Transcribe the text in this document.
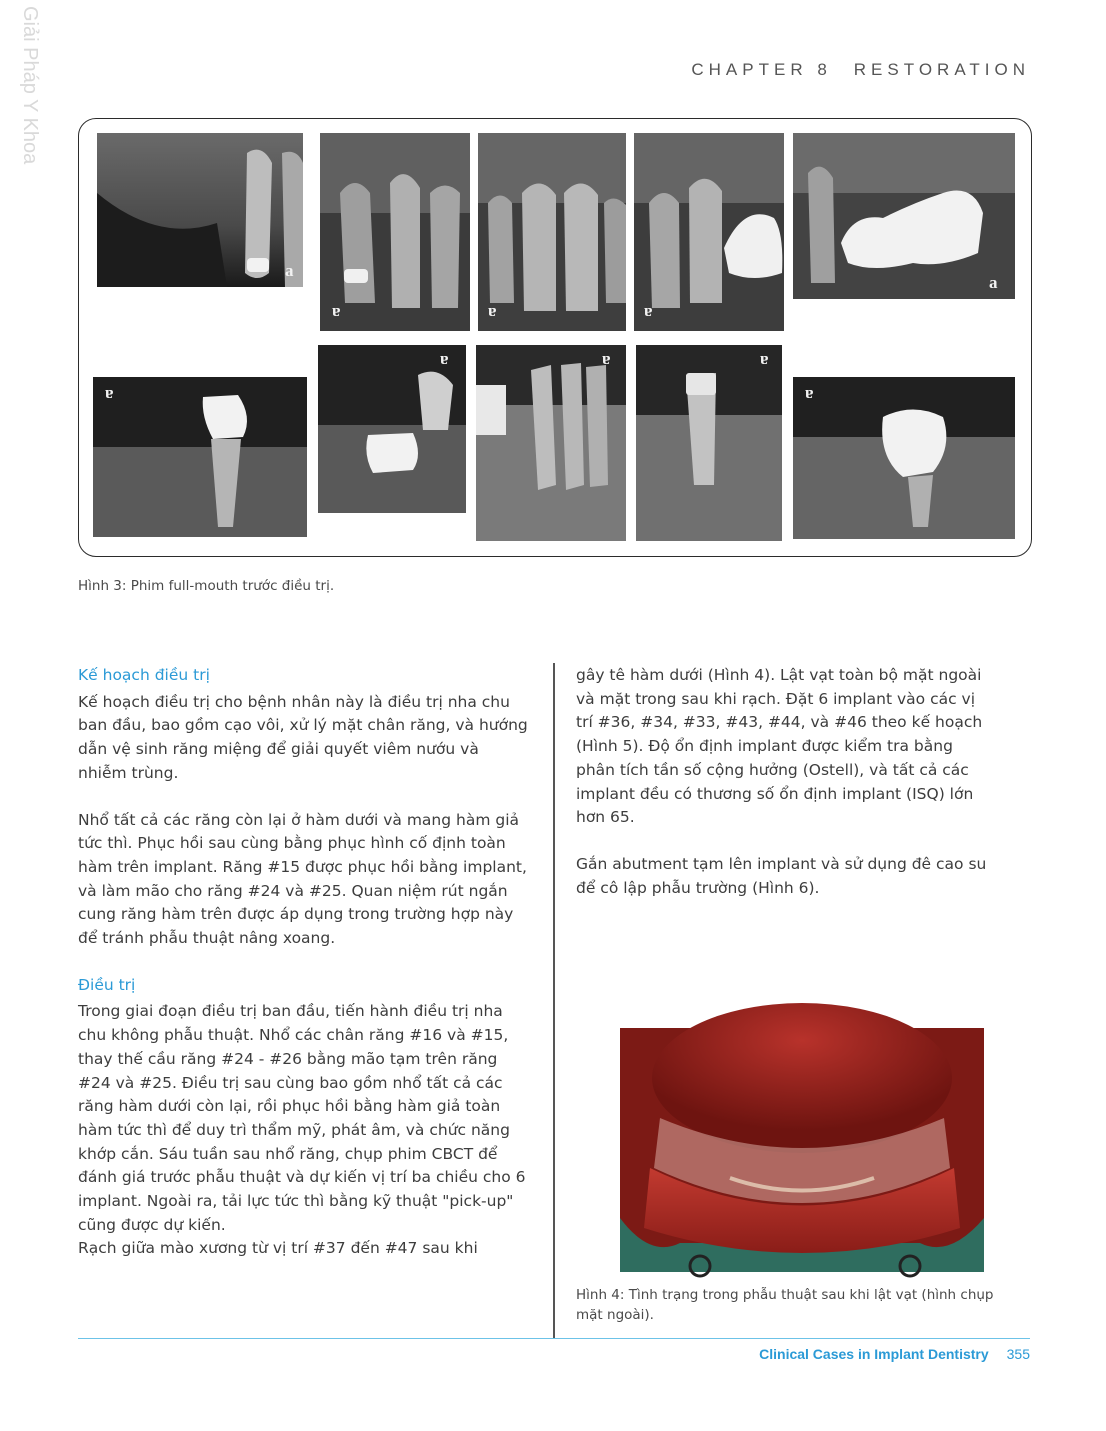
Giải Pháp Y Khoa	CHAPTER 8 RESTORATION
a
a	a	a
a
a
a	a	a
a
Hình 3: Phim full-mouth trước điều trị.

Kế hoạch điều trị

Kế hoạch điều trị cho bệnh nhân này là điều trị nha chu ban đầu, bao gồm cạo vôi, xử lý mặt chân răng, và hướng dẫn vệ sinh răng miệng để giải quyết viêm nướu và nhiễm trùng.

Nhổ tất cả các răng còn lại ở hàm dưới và mang hàm giả tức thì. Phục hồi sau cùng bằng phục hình cố định toàn hàm trên implant. Răng #15 được phục hồi bằng implant, và làm mão cho răng #24 và #25. Quan niệm rút ngắn cung răng hàm trên được áp dụng trong trường hợp này để tránh phẫu thuật nâng xoang.

Điều trị

Trong giai đoạn điều trị ban đầu, tiến hành điều trị nha chu không phẫu thuật. Nhổ các chân răng #16 và #15, thay thế cầu răng #24 - #26 bằng mão tạm trên răng #24 và #25. Điều trị sau cùng bao gồm nhổ tất cả các răng hàm dưới còn lại, rồi phục hồi bằng hàm giả toàn hàm tức thì để duy trì thẩm mỹ, phát âm, và chức năng khớp cắn. Sáu tuần sau nhổ răng, chụp phim CBCT để đánh giá trước phẫu thuật và dự kiến vị trí ba chiều cho 6 implant. Ngoài ra, tải lực tức thì bằng kỹ thuật "pick-up" cũng được dự kiến.

Rạch giữa mào xương từ vị trí #37 đến #47 sau khi

gây tê hàm dưới (Hình 4). Lật vạt toàn bộ mặt ngoài và mặt trong sau khi rạch. Đặt 6 implant vào các vị trí #36, #34, #33, #43, #44, và #46 theo kế hoạch (Hình 5). Độ ổn định implant được kiểm tra bằng phân tích tần số cộng hưởng (Ostell), và tất cả các implant đều có thương số ổn định implant (ISQ) lớn hơn 65.

Gắn abutment tạm lên implant và sử dụng đê cao su để cô lập phẫu trường (Hình 6).

Hình 4: Tình trạng trong phẫu thuật sau khi lật vạt (hình chụp mặt ngoài).
Clinical Cases in Implant Dentistry 355
